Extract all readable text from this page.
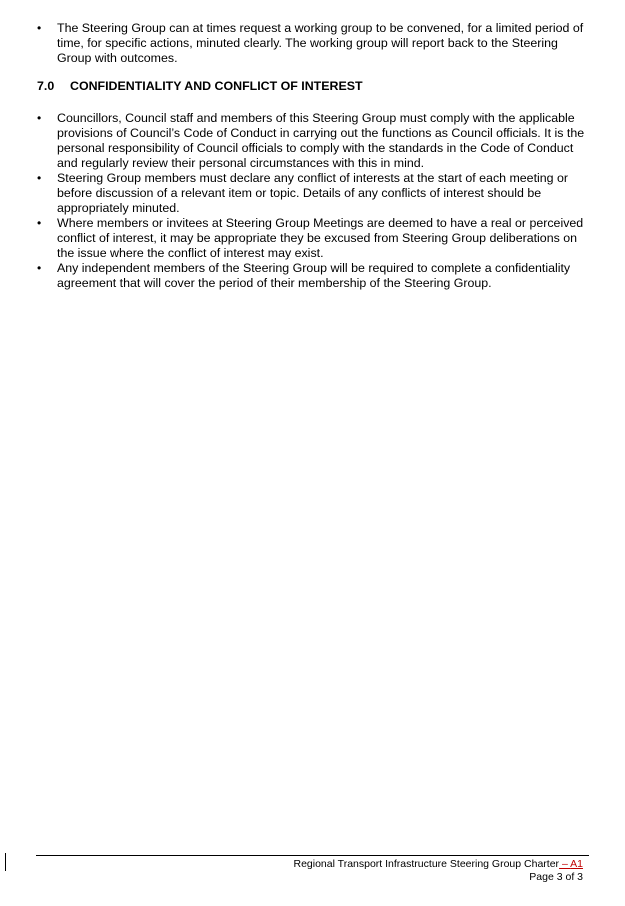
•	The Steering Group can at times request a working group to be convened, for a limited period of time, for specific actions, minuted clearly. The working group will report back to the Steering Group with outcomes.
7.0 CONFIDENTIALITY AND CONFLICT OF INTEREST
•	Councillors, Council staff and members of this Steering Group must comply with the applicable provisions of Council’s Code of Conduct in carrying out the functions as Council officials. It is the personal responsibility of Council officials to comply with the standards in the Code of Conduct and regularly review their personal circumstances with this in mind.
•	Steering Group members must declare any conflict of interests at the start of each meeting or before discussion of a relevant item or topic. Details of any conflicts of interest should be appropriately minuted.
•	Where members or invitees at Steering Group Meetings are deemed to have a real or perceived conflict of interest, it may be appropriate they be excused from Steering Group deliberations on the issue where the conflict of interest may exist.
•	Any independent members of the Steering Group will be required to complete a confidentiality agreement that will cover the period of their membership of the Steering Group.
Regional Transport Infrastructure Steering Group Charter – A1
Page 3 of 3
